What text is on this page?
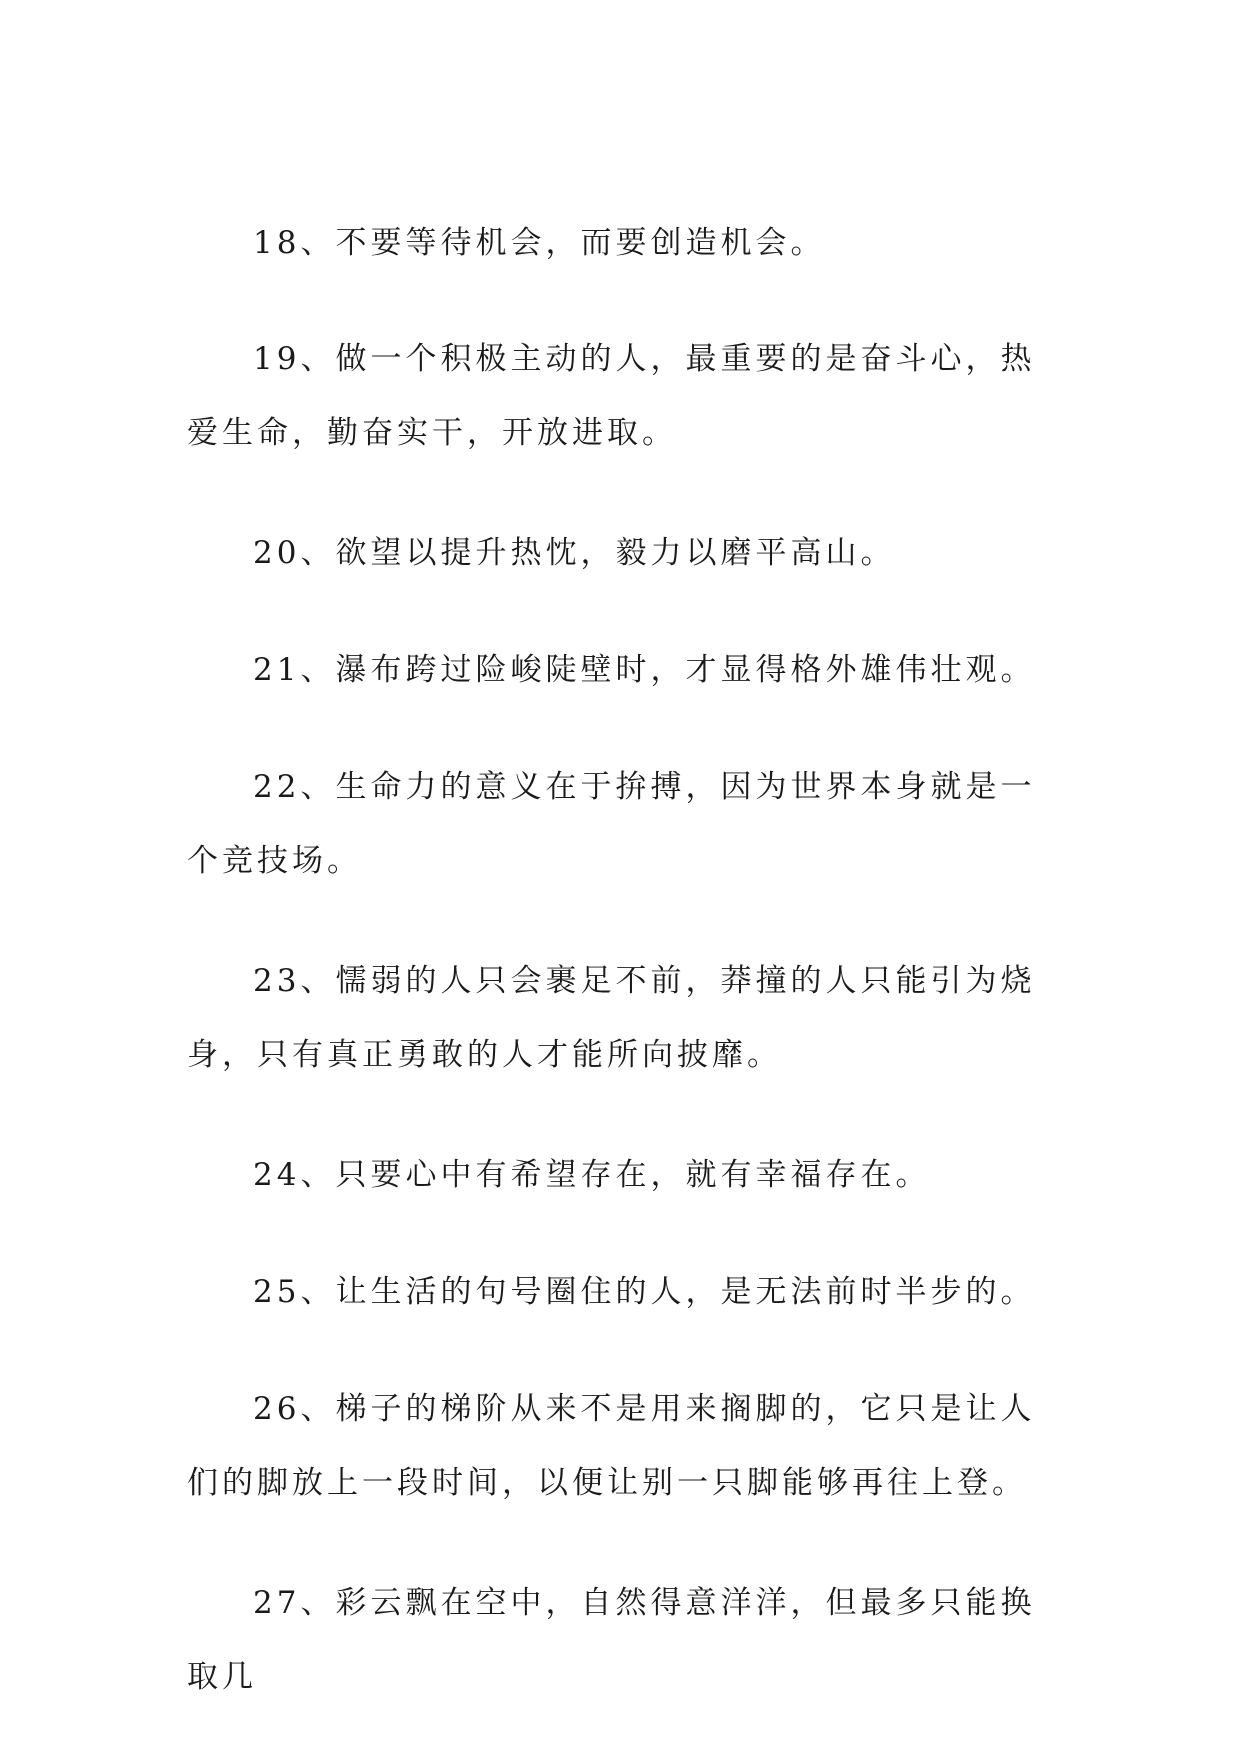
18、不要等待机会，而要创造机会。

19、做一个积极主动的人，最重要的是奋斗心，热爱生命，勤奋实干，开放进取。

20、欲望以提升热忱，毅力以磨平高山。

21、瀑布跨过险峻陡壁时，才显得格外雄伟壮观。

22、生命力的意义在于拚搏，因为世界本身就是一个竞技场。

23、懦弱的人只会裹足不前，莽撞的人只能引为烧身，只有真正勇敢的人才能所向披靡。

24、只要心中有希望存在，就有幸福存在。

25、让生活的句号圈住的人，是无法前时半步的。

26、梯子的梯阶从来不是用来搁脚的，它只是让人们的脚放上一段时间，以便让别一只脚能够再往上登。

27、彩云飘在空中，自然得意洋洋，但最多只能换取几
